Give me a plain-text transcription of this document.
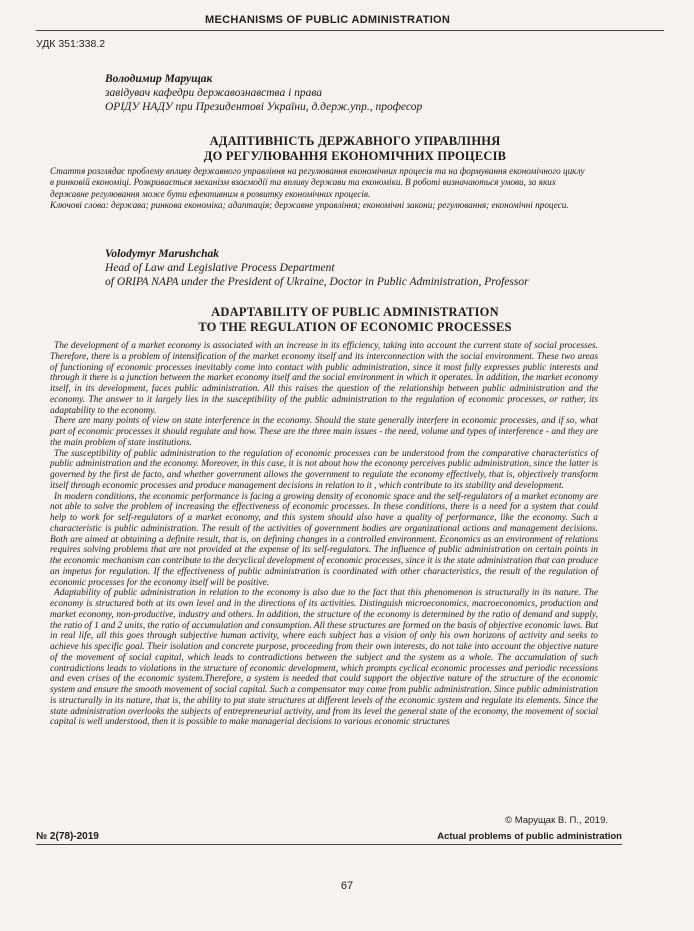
MECHANISMS OF PUBLIC ADMINISTRATION
УДК 351:338.2
Володимир Марущак
завідувач кафедри державознавства і права
ОРІДУ НАДУ при Президентові України, д.держ.упр., професор
АДАПТИВНІСТЬ ДЕРЖАВНОГО УПРАВЛІННЯ
ДО РЕГУЛЮВАННЯ ЕКОНОМІЧНИХ ПРОЦЕСІВ

Стаття розглядає проблему впливу державного управління на регулювання економічних процесів та на формування економічного циклу в ринковій економіці. Розкривається механізм взаємодії та впливу держави та економіки. В роботі визначаються умови, за яких державне регулювання може бути ефективним в розвитку економічних процесів.

Ключові слова: держава; ринкова економіка; адаптація; державне управління; економічні закони; регулювання; економічні процеси.

Volodymyr Marushchak
Head of Law and Legislative Process Department
of ORIPA NAPA under the President of Ukraine, Doctor in Public Administration, Professor
ADAPTABILITY OF PUBLIC ADMINISTRATION
TO THE REGULATION OF ECONOMIC PROCESSES

The development of a market economy is associated with an increase in its efficiency, taking into account the current state of social processes. Therefore, there is a problem of intensification of the market economy itself and its interconnection with the social environment. These two areas of functioning of economic processes inevitably come into contact with public administration, since it most fully expresses public interests and through it there is a junction between the market economy itself and the social environment in which it operates. In addition, the market economy itself, in its development, faces public administration. All this raises the question of the relationship between public administration and the economy. The answer to it largely lies in the susceptibility of the public administration to the regulation of economic processes, or rather, its adaptability to the economy.

There are many points of view on state interference in the economy. Should the state generally interfere in economic processes, and if so, what part of economic processes it should regulate and how. These are the three main issues - the need, volume and types of interference - and they are the main problem of state institutions.

The susceptibility of public administration to the regulation of economic processes can be understood from the comparative characteristics of public administration and the economy. Moreover, in this case, it is not about how the economy perceives public administration, since the latter is governed by the first de facto, and whether government allows the government to regulate the economy effectively, that is, objectively transform itself through economic processes and produce management decisions in relation to it , which contribute to its stability and development.

In modern conditions, the economic performance is facing a growing density of economic space and the self-regulators of a market economy are not able to solve the problem of increasing the effectiveness of economic processes. In these conditions, there is a need for a system that could help to work for self-regulators of a market economy, and this system should also have a quality of performance, like the economy. Such a characteristic is public administration. The result of the activities of government bodies are organizational actions and management decisions. Both are aimed at obtaining a definite result, that is, on defining changes in a controlled environment. Economics as an environment of relations requires solving problems that are not provided at the expense of its self-regulators. The influence of public administration on certain points in the economic mechanism can contribute to the decyclical development of economic processes, since it is the state administration that can produce an impetus for regulation. If the effectiveness of public administration is coordinated with other characteristics, the result of the regulation of economic processes for the economy itself will be positive.

Adaptability of public administration in relation to the economy is also due to the fact that this phenomenon is structurally in its nature. The economy is structured both at its own level and in the directions of its activities. Distinguish microeconomics, macroeconomics, production and market economy, non-productive, industry and others. In addition, the structure of the economy is determined by the ratio of demand and supply, the ratio of 1 and 2 units, the ratio of accumulation and consumption. All these structures are formed on the basis of objective economic laws. But in real life, all this goes through subjective human activity, where each subject has a vision of only his own horizons of activity and seeks to achieve his specific goal. Their isolation and concrete purpose, proceeding from their own interests, do not take into account the objective nature of the movement of social capital, which leads to contradictions between the subject and the system as a whole. The accumulation of such contradictions leads to violations in the structure of economic development, which prompts cyclical economic processes and periodic recessions and even crises of the economic system.Therefore, a system is needed that could support the objective nature of the structure of the economic system and ensure the smooth movement of social capital. Such a compensator may come from public administration. Since public administration is structurally in its nature, that is, the ability to put state structures at different levels of the economic system and regulate its elements. Since the state administration overlooks the subjects of entrepreneurial activity, and from its level the general state of the economy, the movement of social capital is well understood, then it is possible to make managerial decisions to various economic structures

© Марущак В. П., 2019.
№ 2(78)-2019	Actual problems of public administration
67
